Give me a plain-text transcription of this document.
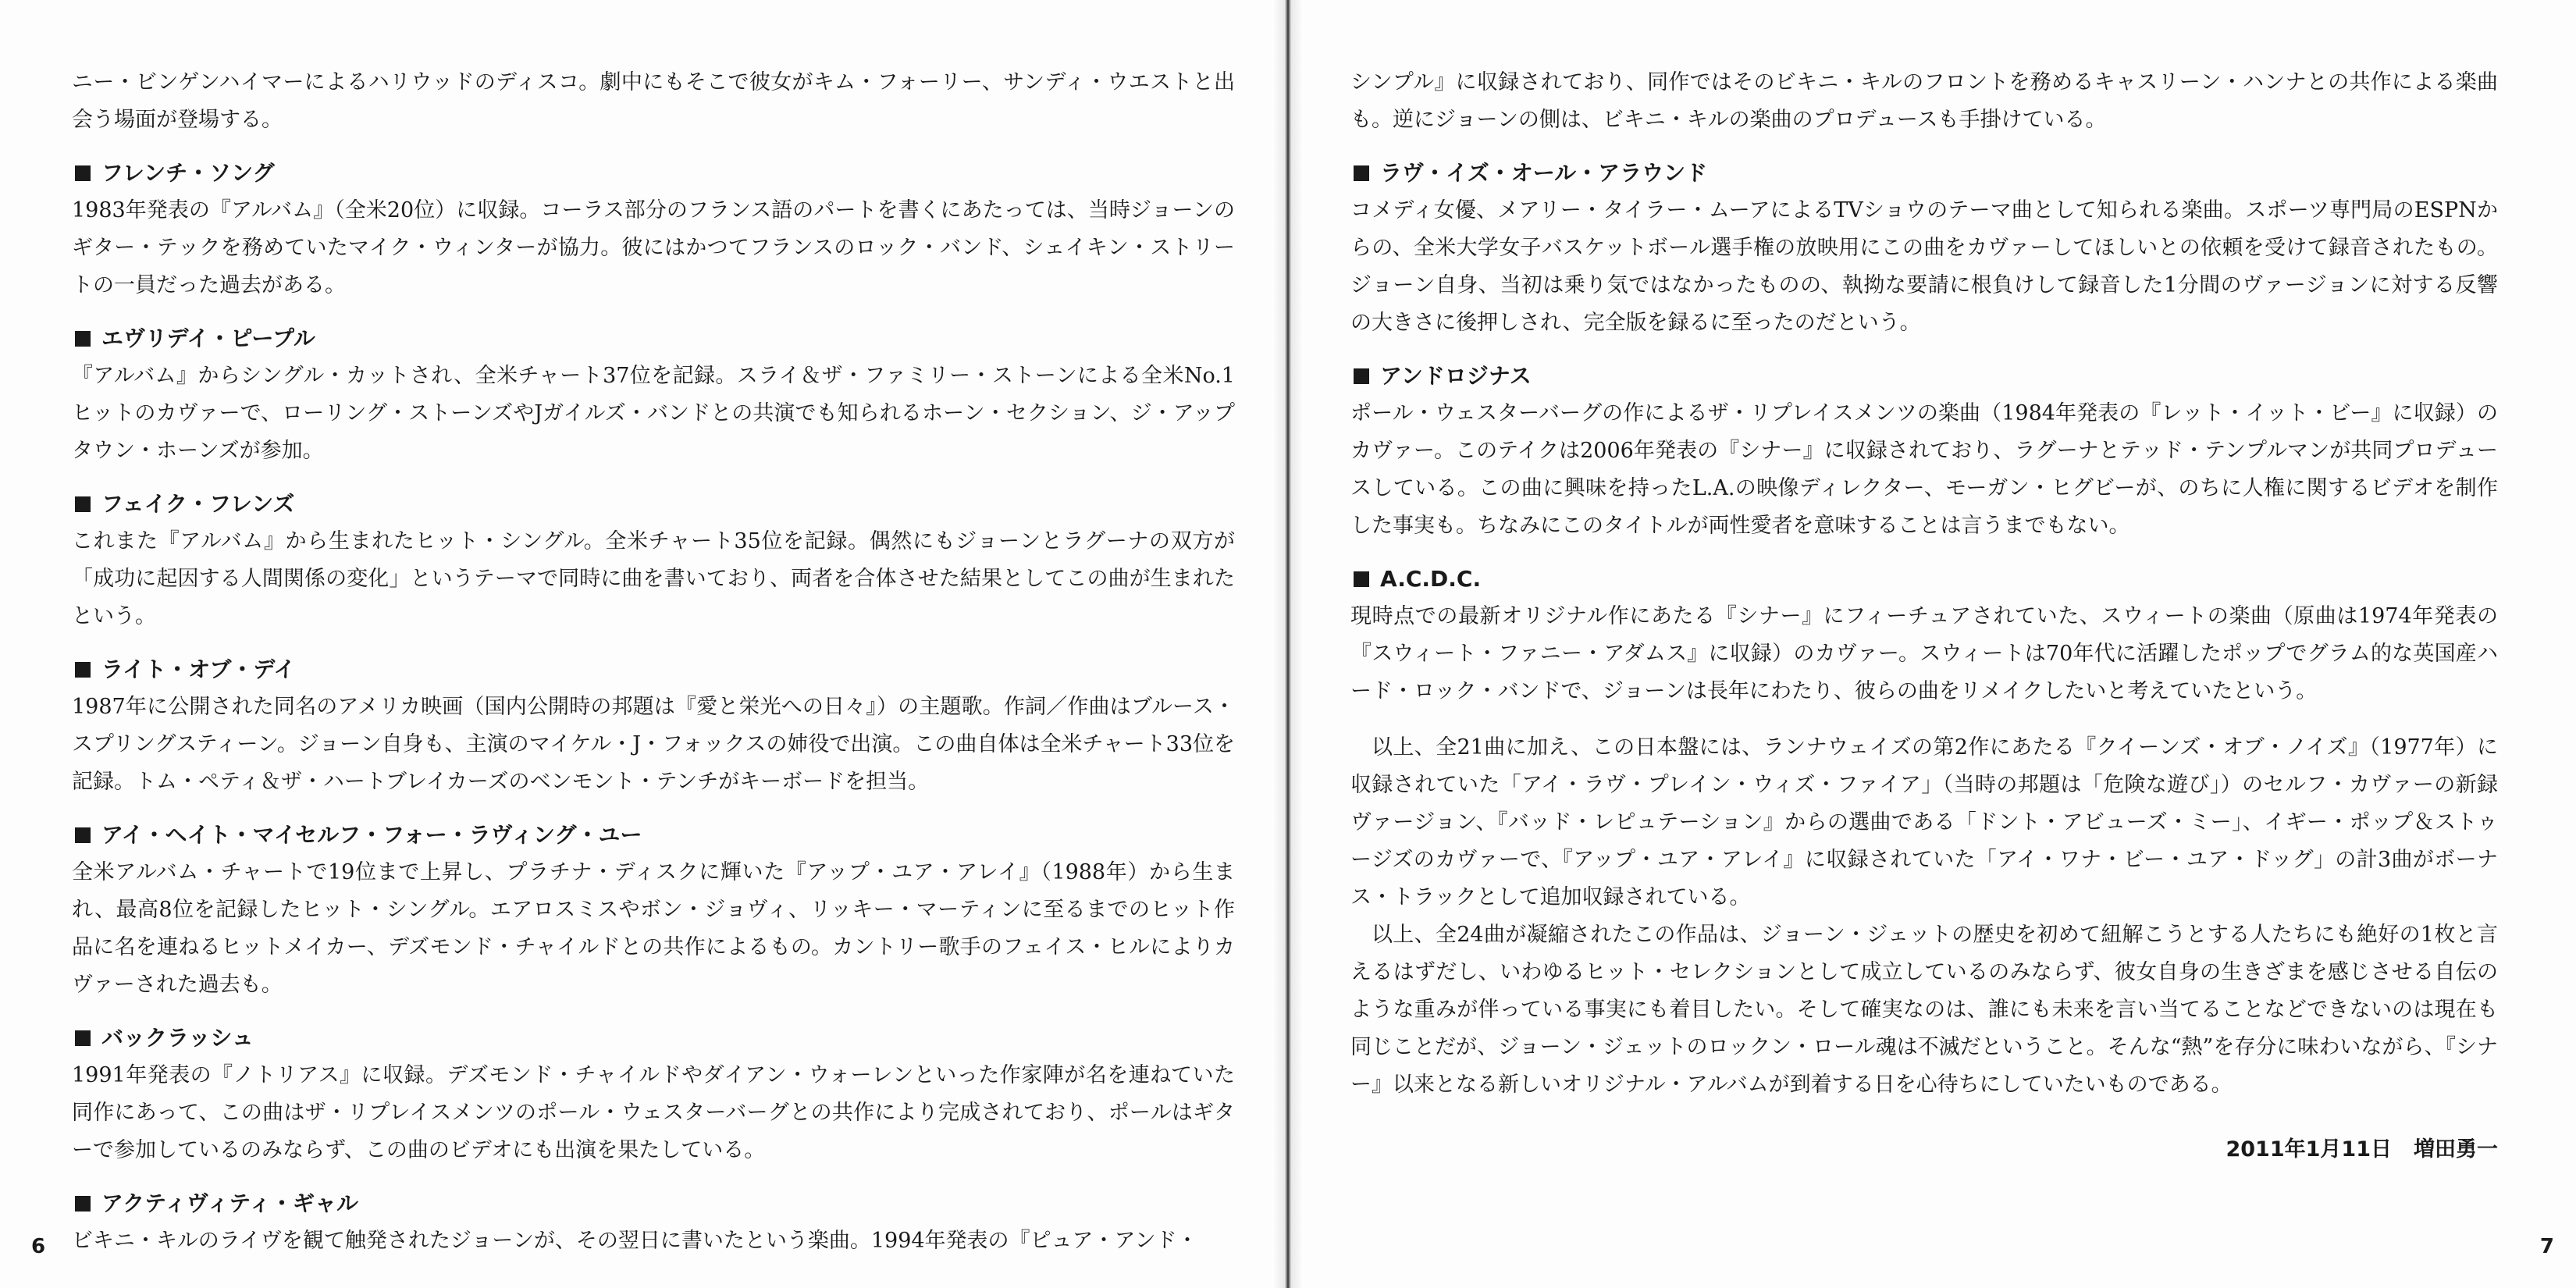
ニー・ビンゲンハイマーによるハリウッドのディスコ。劇中にもそこで彼女がキム・フォーリー、サンディ・ウエストと出会う場面が登場する。

フレンチ・ソング

1983年発表の『アルバム』（全米20位）に収録。コーラス部分のフランス語のパートを書くにあたっては、当時ジョーンのギター・テックを務めていたマイク・ウィンターが協力。彼にはかつてフランスのロック・バンド、シェイキン・ストリートの一員だった過去がある。

エヴリデイ・ピープル

『アルバム』からシングル・カットされ、全米チャート37位を記録。スライ＆ザ・ファミリー・ストーンによる全米No.1ヒットのカヴァーで、ローリング・ストーンズやJガイルズ・バンドとの共演でも知られるホーン・セクション、ジ・アップタウン・ホーンズが参加。

フェイク・フレンズ

これまた『アルバム』から生まれたヒット・シングル。全米チャート35位を記録。偶然にもジョーンとラグーナの双方が「成功に起因する人間関係の変化」というテーマで同時に曲を書いており、両者を合体させた結果としてこの曲が生まれたという。

ライト・オブ・デイ

1987年に公開された同名のアメリカ映画（国内公開時の邦題は『愛と栄光への日々』）の主題歌。作詞／作曲はブルース・スプリングスティーン。ジョーン自身も、主演のマイケル・J・フォックスの姉役で出演。この曲自体は全米チャート33位を記録。トム・ペティ＆ザ・ハートブレイカーズのベンモント・テンチがキーボードを担当。

アイ・ヘイト・マイセルフ・フォー・ラヴィング・ユー

全米アルバム・チャートで19位まで上昇し、プラチナ・ディスクに輝いた『アップ・ユア・アレイ』（1988年）から生まれ、最高8位を記録したヒット・シングル。エアロスミスやボン・ジョヴィ、リッキー・マーティンに至るまでのヒット作品に名を連ねるヒットメイカー、デズモンド・チャイルドとの共作によるもの。カントリー歌手のフェイス・ヒルによりカヴァーされた過去も。

バックラッシュ

1991年発表の『ノトリアス』に収録。デズモンド・チャイルドやダイアン・ウォーレンといった作家陣が名を連ねていた同作にあって、この曲はザ・リプレイスメンツのポール・ウェスターバーグとの共作により完成されており、ポールはギターで参加しているのみならず、この曲のビデオにも出演を果たしている。

アクティヴィティ・ギャル

ビキニ・キルのライヴを観て触発されたジョーンが、その翌日に書いたという楽曲。1994年発表の『ピュア・アンド・

6

シンプル』に収録されており、同作ではそのビキニ・キルのフロントを務めるキャスリーン・ハンナとの共作による楽曲も。逆にジョーンの側は、ビキニ・キルの楽曲のプロデュースも手掛けている。

ラヴ・イズ・オール・アラウンド

コメディ女優、メアリー・タイラー・ムーアによるTVショウのテーマ曲として知られる楽曲。スポーツ専門局のESPNからの、全米大学女子バスケットボール選手権の放映用にこの曲をカヴァーしてほしいとの依頼を受けて録音されたもの。ジョーン自身、当初は乗り気ではなかったものの、執拗な要請に根負けして録音した1分間のヴァージョンに対する反響の大きさに後押しされ、完全版を録るに至ったのだという。

アンドロジナス

ポール・ウェスターバーグの作によるザ・リプレイスメンツの楽曲（1984年発表の『レット・イット・ビー』に収録）のカヴァー。このテイクは2006年発表の『シナー』に収録されており、ラグーナとテッド・テンプルマンが共同プロデュースしている。この曲に興味を持ったL.A.の映像ディレクター、モーガン・ヒグビーが、のちに人権に関するビデオを制作した事実も。ちなみにこのタイトルが両性愛者を意味することは言うまでもない。

A.C.D.C.

現時点での最新オリジナル作にあたる『シナー』にフィーチュアされていた、スウィートの楽曲（原曲は1974年発表の『スウィート・ファニー・アダムス』に収録）のカヴァー。スウィートは70年代に活躍したポップでグラム的な英国産ハード・ロック・バンドで、ジョーンは長年にわたり、彼らの曲をリメイクしたいと考えていたという。

以上、全21曲に加え、この日本盤には、ランナウェイズの第2作にあたる『クイーンズ・オブ・ノイズ』（1977年）に収録されていた「アイ・ラヴ・プレイン・ウィズ・ファイア」（当時の邦題は「危険な遊び」）のセルフ・カヴァーの新録ヴァージョン、『バッド・レピュテーション』からの選曲である「ドント・アビューズ・ミー」、イギー・ポップ＆ストゥージズのカヴァーで、『アップ・ユア・アレイ』に収録されていた「アイ・ワナ・ビー・ユア・ドッグ」の計3曲がボーナス・トラックとして追加収録されている。

以上、全24曲が凝縮されたこの作品は、ジョーン・ジェットの歴史を初めて紐解こうとする人たちにも絶好の1枚と言えるはずだし、いわゆるヒット・セレクションとして成立しているのみならず、彼女自身の生きざまを感じさせる自伝のような重みが伴っている事実にも着目したい。そして確実なのは、誰にも未来を言い当てることなどできないのは現在も同じことだが、ジョーン・ジェットのロックン・ロール魂は不滅だということ。そんな“熱”を存分に味わいながら、『シナー』以来となる新しいオリジナル・アルバムが到着する日を心待ちにしていたいものである。

2011年1月11日 増田勇一
7
